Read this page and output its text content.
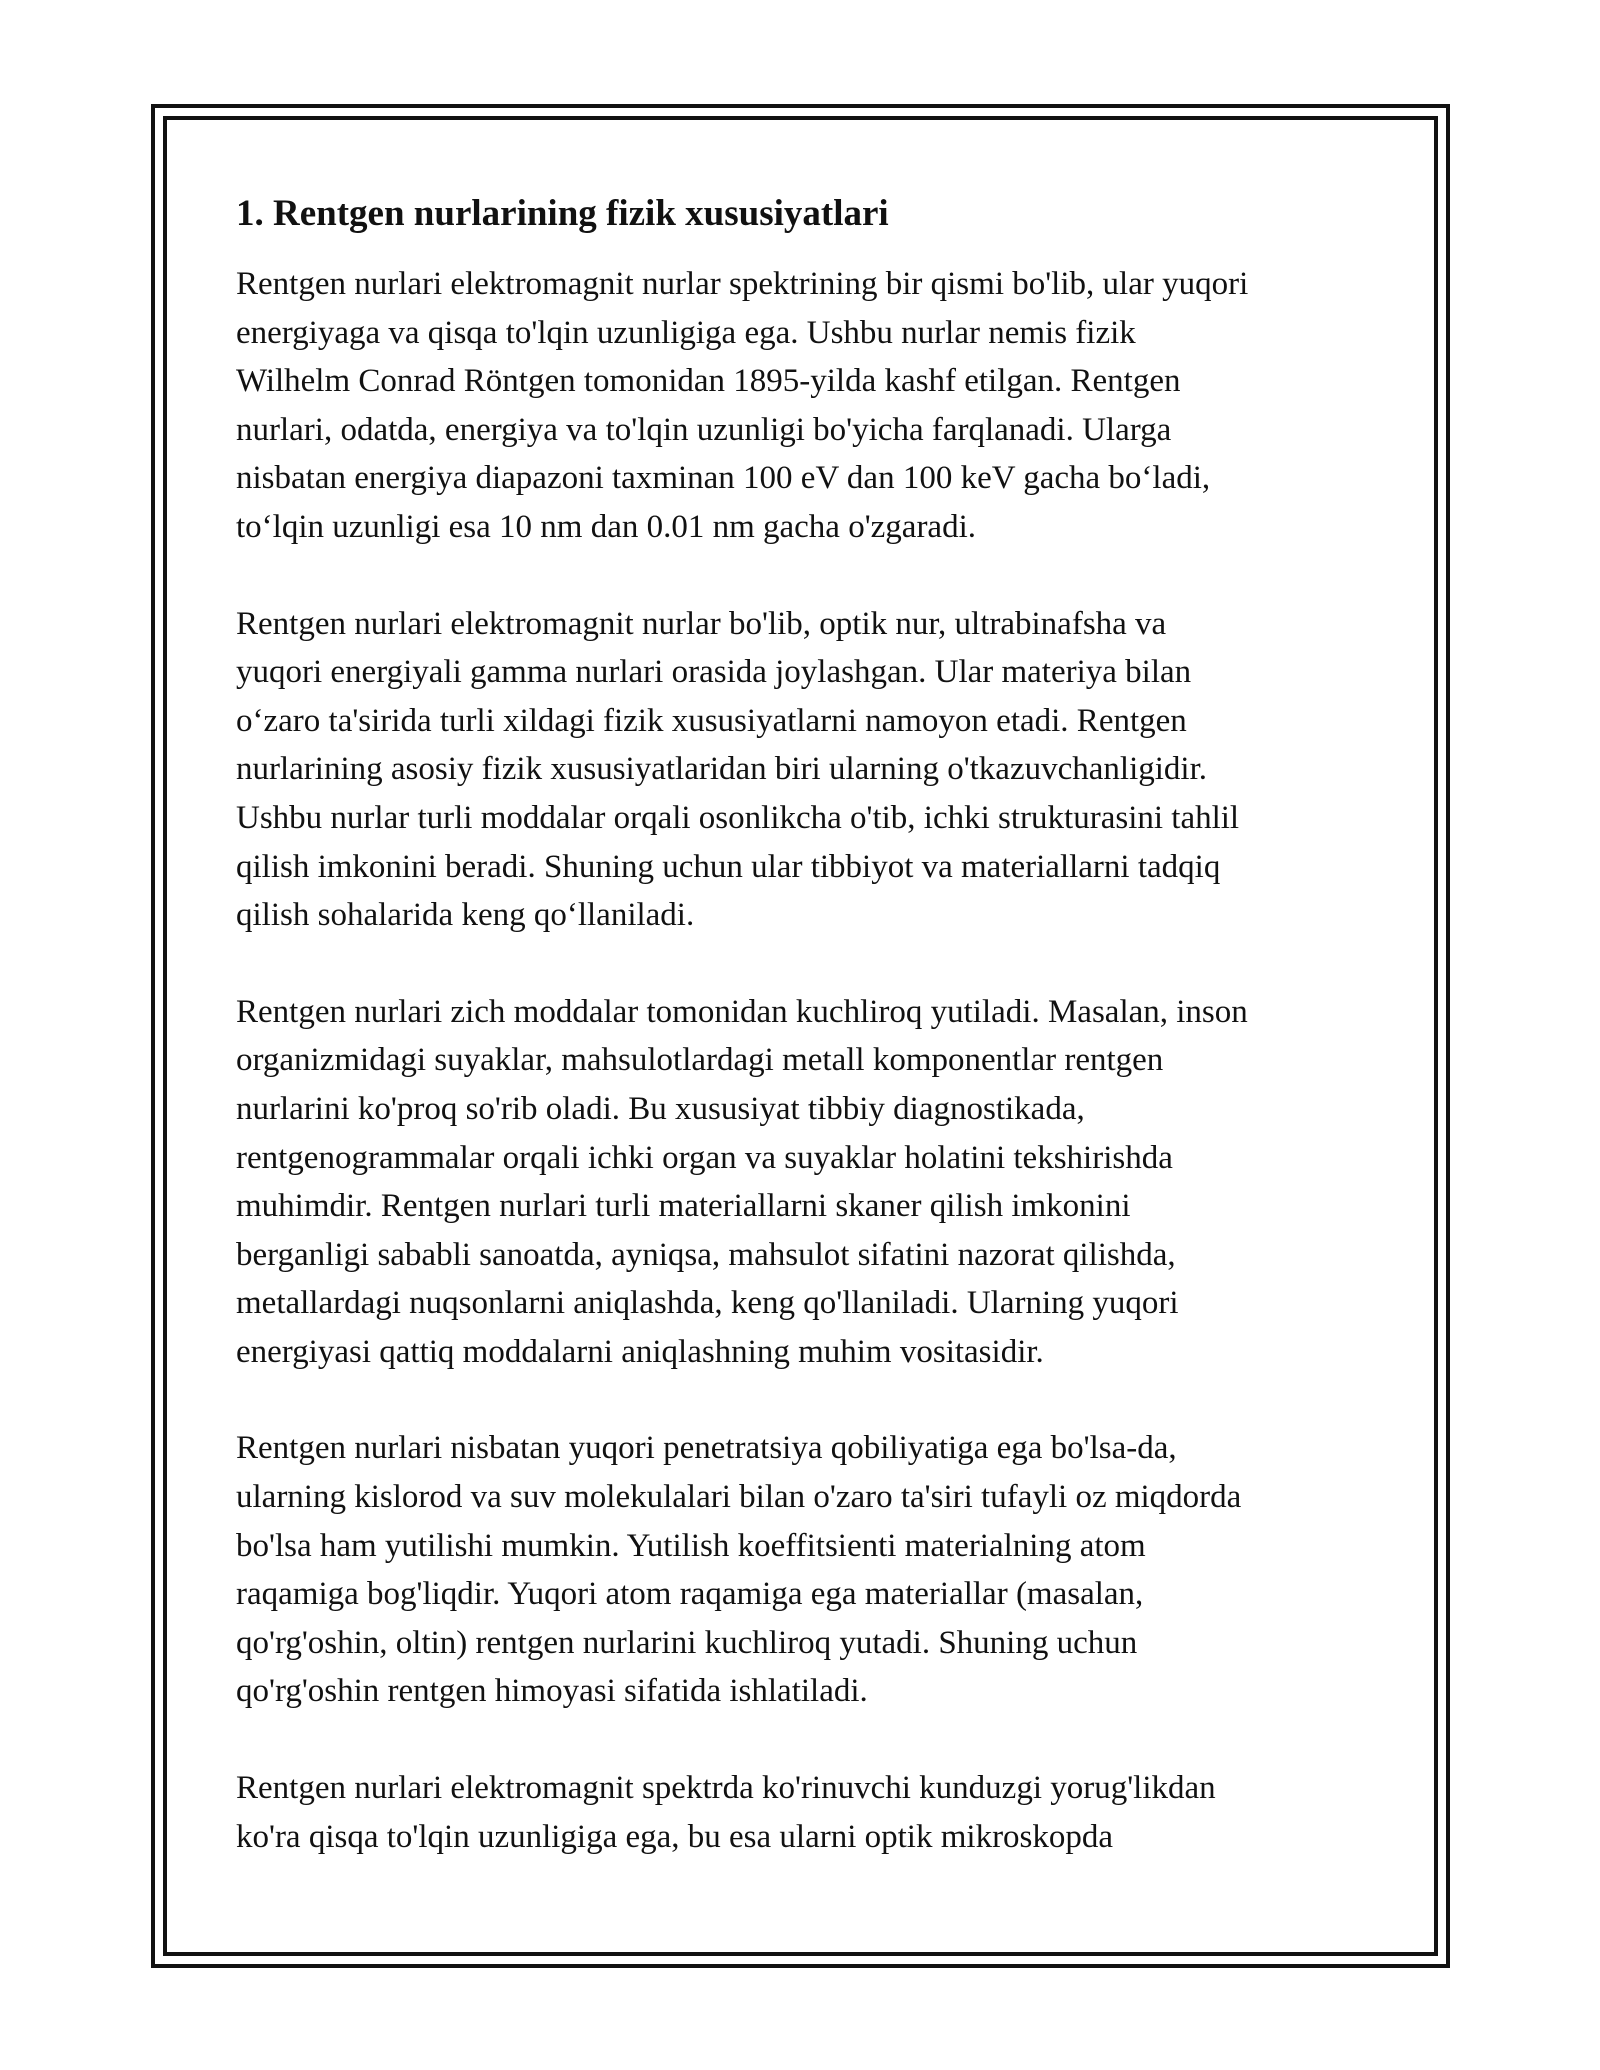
1. Rentgen nurlarining fizik xususiyatlari

Rentgen nurlari elektromagnit nurlar spektrining bir qismi bo'lib, ular yuqori
energiyaga va qisqa to'lqin uzunligiga ega. Ushbu nurlar nemis fizik
Wilhelm Conrad Röntgen tomonidan 1895-yilda kashf etilgan. Rentgen
nurlari, odatda, energiya va to'lqin uzunligi bo'yicha farqlanadi. Ularga
nisbatan energiya diapazoni taxminan 100 eV dan 100 keV gacha boʻladi,
toʻlqin uzunligi esa 10 nm dan 0.01 nm gacha o'zgaradi.

Rentgen nurlari elektromagnit nurlar bo'lib, optik nur, ultrabinafsha va
yuqori energiyali gamma nurlari orasida joylashgan. Ular materiya bilan
oʻzaro ta'sirida turli xildagi fizik xususiyatlarni namoyon etadi. Rentgen
nurlarining asosiy fizik xususiyatlaridan biri ularning o'tkazuvchanligidir.
Ushbu nurlar turli moddalar orqali osonlikcha o'tib, ichki strukturasini tahlil
qilish imkonini beradi. Shuning uchun ular tibbiyot va materiallarni tadqiq
qilish sohalarida keng qoʻllaniladi.

Rentgen nurlari zich moddalar tomonidan kuchliroq yutiladi. Masalan, inson
organizmidagi suyaklar, mahsulotlardagi metall komponentlar rentgen
nurlarini ko'proq so'rib oladi. Bu xususiyat tibbiy diagnostikada,
rentgenogrammalar orqali ichki organ va suyaklar holatini tekshirishda
muhimdir. Rentgen nurlari turli materiallarni skaner qilish imkonini
berganligi sababli sanoatda, ayniqsa, mahsulot sifatini nazorat qilishda,
metallardagi nuqsonlarni aniqlashda, keng qo'llaniladi. Ularning yuqori
energiyasi qattiq moddalarni aniqlashning muhim vositasidir.

Rentgen nurlari nisbatan yuqori penetratsiya qobiliyatiga ega bo'lsa-da,
ularning kislorod va suv molekulalari bilan o'zaro ta'siri tufayli oz miqdorda
bo'lsa ham yutilishi mumkin. Yutilish koeffitsienti materialning atom
raqamiga bog'liqdir. Yuqori atom raqamiga ega materiallar (masalan,
qo'rg'oshin, oltin) rentgen nurlarini kuchliroq yutadi. Shuning uchun
qo'rg'oshin rentgen himoyasi sifatida ishlatiladi.

Rentgen nurlari elektromagnit spektrda ko'rinuvchi kunduzgi yorug'likdan
ko'ra qisqa to'lqin uzunligiga ega, bu esa ularni optik mikroskopda
